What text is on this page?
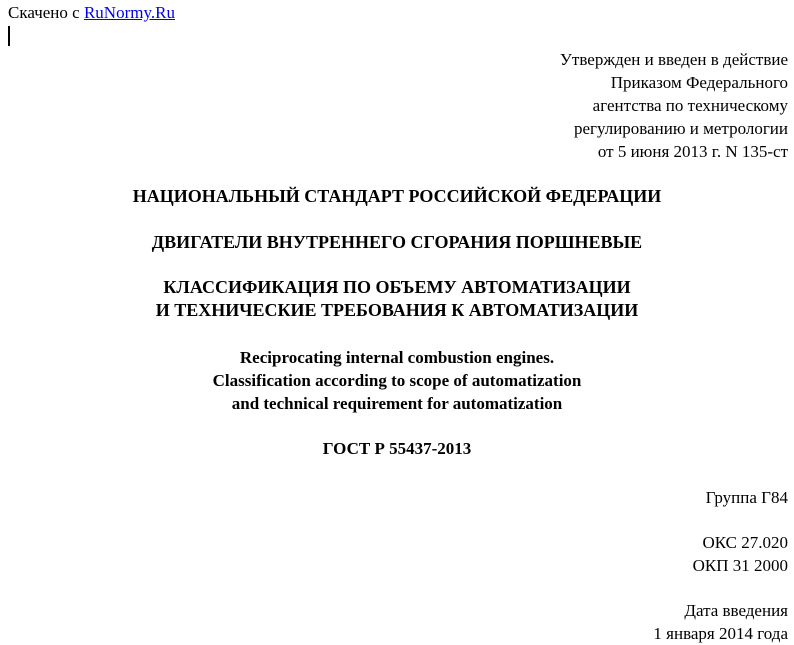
Скачено с RuNormy.Ru
Утвержден и введен в действие
Приказом Федерального
агентства по техническому
регулированию и метрологии
от 5 июня 2013 г. N 135-ст
НАЦИОНАЛЬНЫЙ СТАНДАРТ РОССИЙСКОЙ ФЕДЕРАЦИИ
ДВИГАТЕЛИ ВНУТРЕННЕГО СГОРАНИЯ ПОРШНЕВЫЕ
КЛАССИФИКАЦИЯ ПО ОБЪЕМУ АВТОМАТИЗАЦИИ
И ТЕХНИЧЕСКИЕ ТРЕБОВАНИЯ К АВТОМАТИЗАЦИИ
Reciprocating internal combustion engines.
Classification according to scope of automatization
and technical requirement for automatization
ГОСТ Р 55437-2013
Группа Г84
ОКС 27.020
ОКП 31 2000
Дата введения
1 января 2014 года
